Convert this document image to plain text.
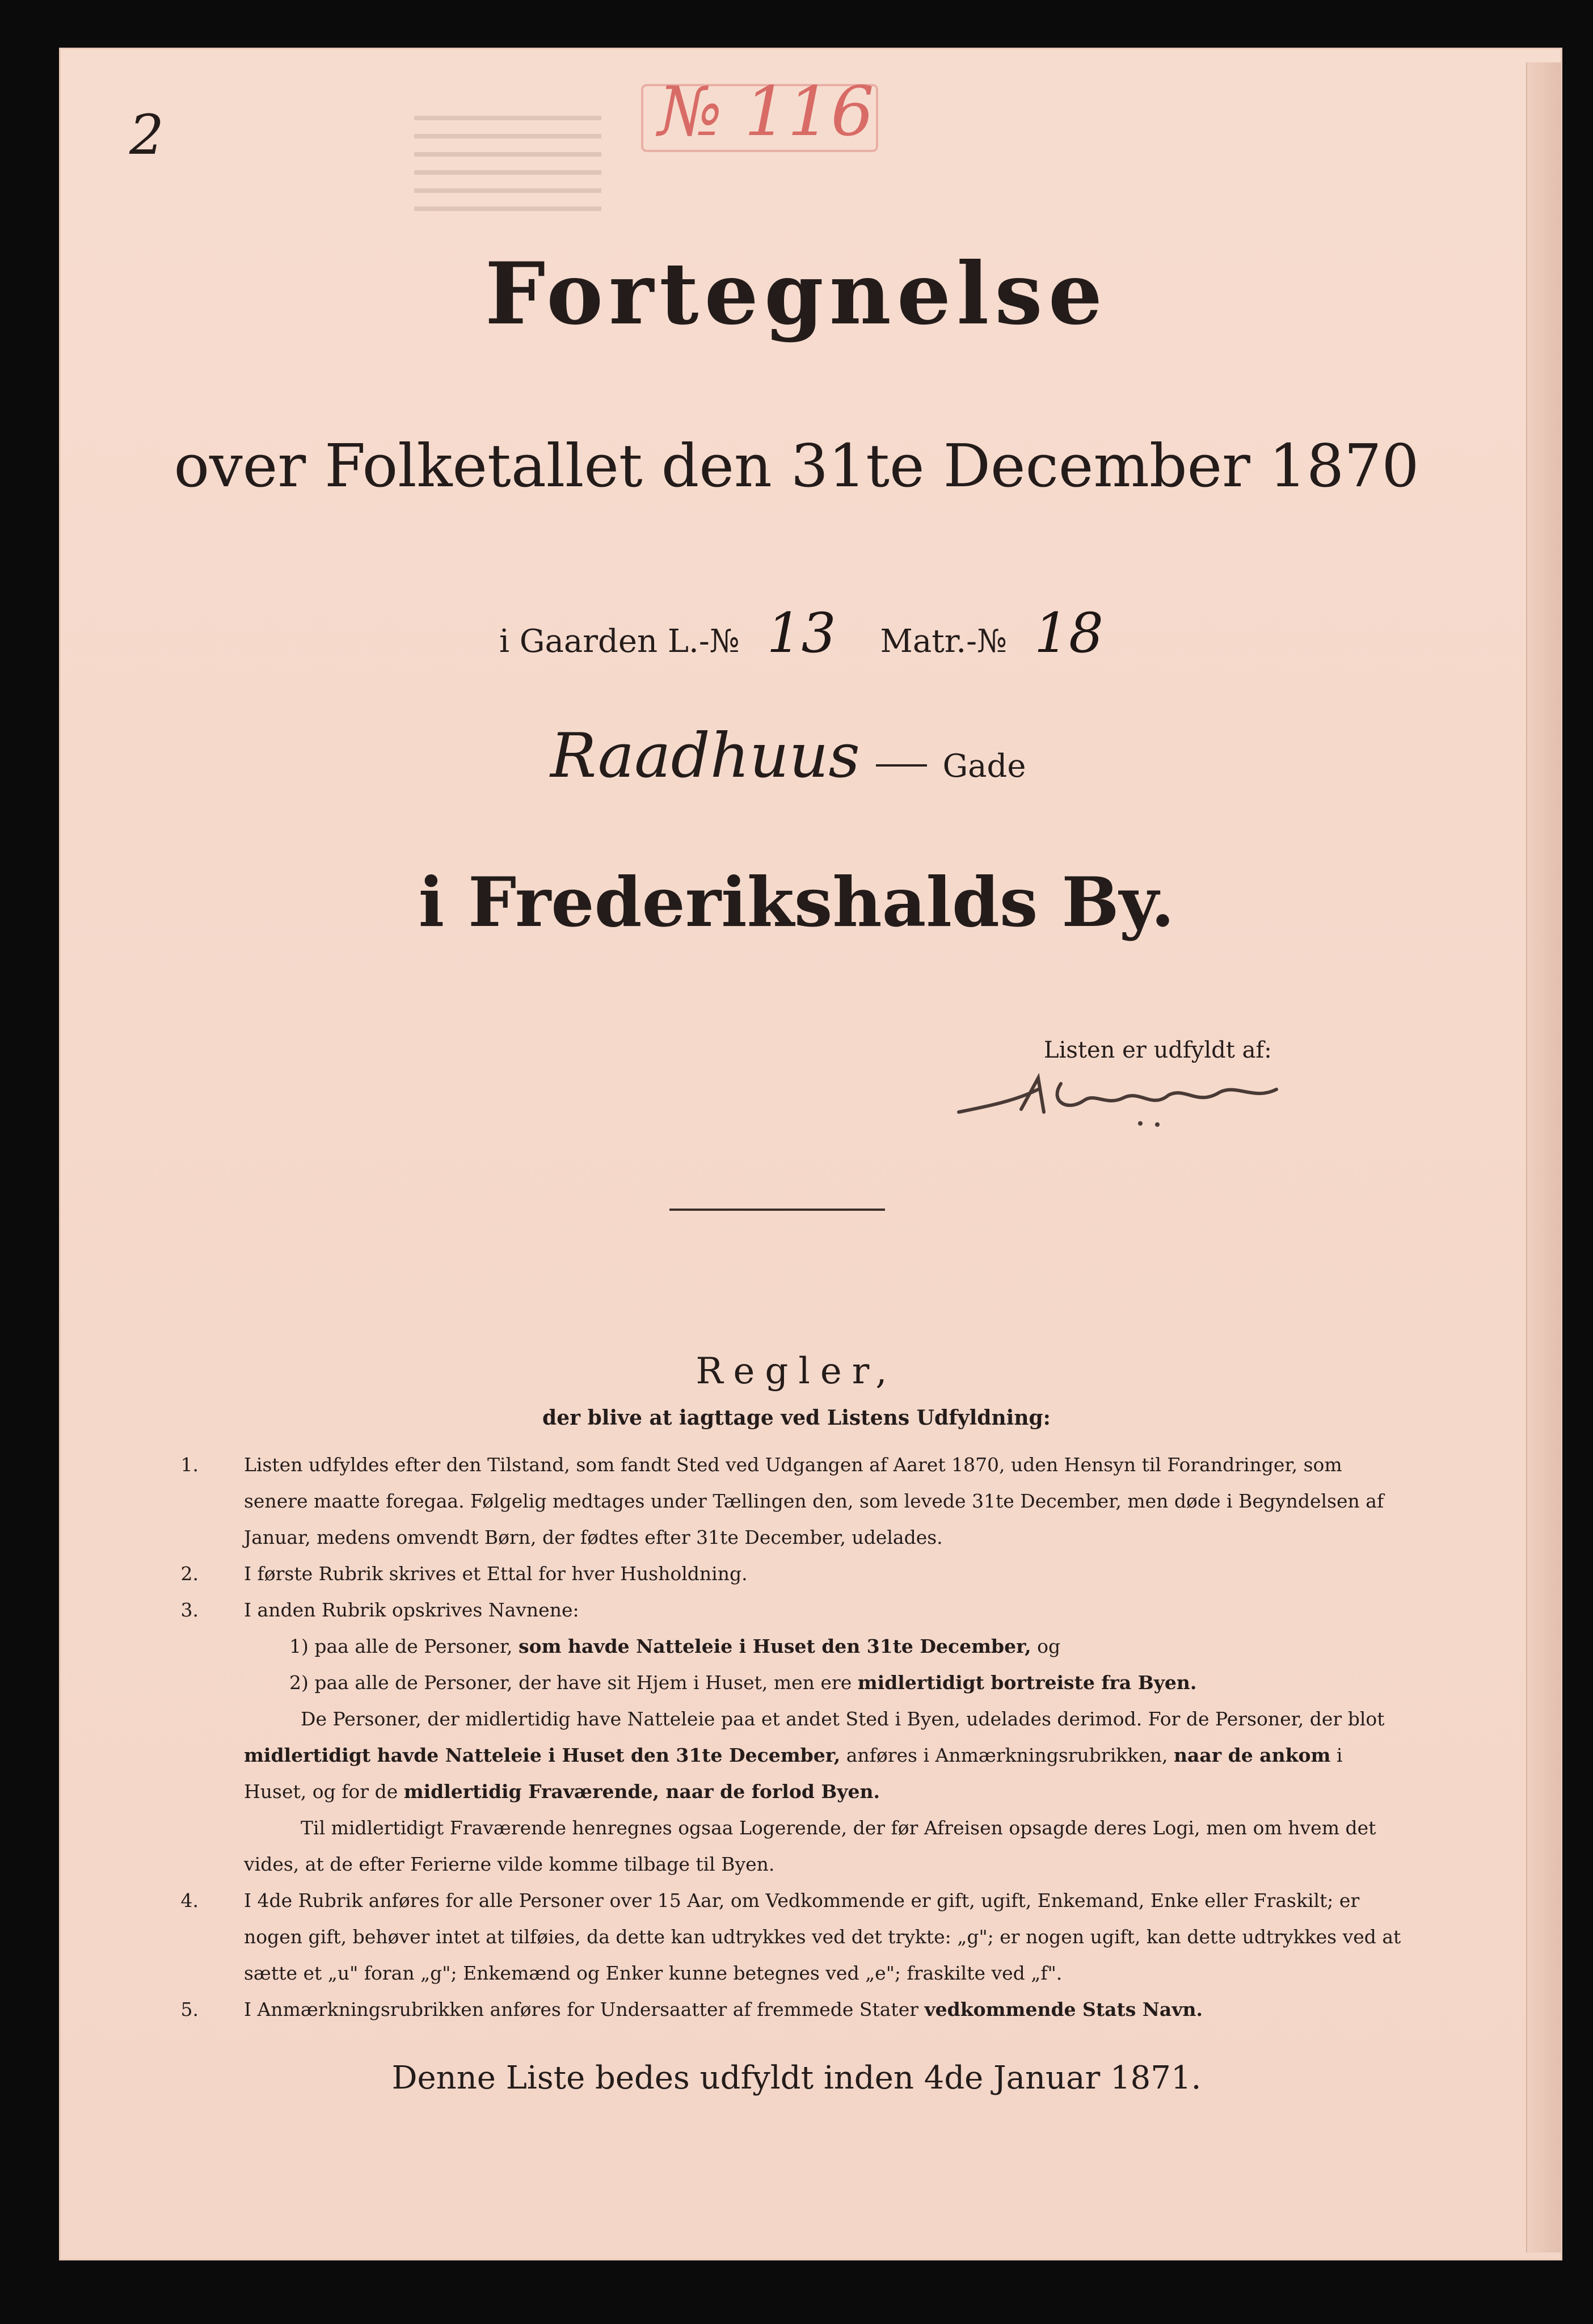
2	№ 116
Fortegnelse
over Folketallet den 31te December 1870
i Gaarden L.-№ 13 Matr.-№ 18
Raadhuus	Gade
i Frederikshalds By.
Listen er udfyldt af:
Regler,
der blive at iagttage ved Listens Udfyldning:
1. Listen udfyldes efter den Tilstand, som fandt Sted ved Udgangen af Aaret 1870, uden Hensyn til Forandringer, som senere maatte foregaa. Følgelig medtages under Tællingen den, som levede 31te December, men døde i Begyndelsen af Januar, medens omvendt Børn, der fødtes efter 31te December, udelades.
2. I første Rubrik skrives et Ettal for hver Husholdning.
3. I anden Rubrik opskrives Navnene:
1) paa alle de Personer, som havde Natteleie i Huset den 31te December, og
2) paa alle de Personer, der have sit Hjem i Huset, men ere midlertidigt bortreiste fra Byen.
De Personer, der midlertidig have Natteleie paa et andet Sted i Byen, udelades derimod. For de Personer, der blot midlertidigt havde Natteleie i Huset den 31te December, anføres i Anmærkningsrubrikken, naar de ankom i Huset, og for de midlertidig Fraværende, naar de forlod Byen.
Til midlertidigt Fraværende henregnes ogsaa Logerende, der før Afreisen opsagde deres Logi, men om hvem det vides, at de efter Ferierne vilde komme tilbage til Byen.
4. I 4de Rubrik anføres for alle Personer over 15 Aar, om Vedkommende er gift, ugift, Enkemand, Enke eller Fraskilt; er nogen gift, behøver intet at tilføies, da dette kan udtrykkes ved det trykte: „g"; er nogen ugift, kan dette udtrykkes ved at sætte et „u" foran „g"; Enkemænd og Enker kunne betegnes ved „e"; fraskilte ved „f".
5. I Anmærkningsrubrikken anføres for Undersaatter af fremmede Stater vedkommende Stats Navn.
Denne Liste bedes udfyldt inden 4de Januar 1871.
